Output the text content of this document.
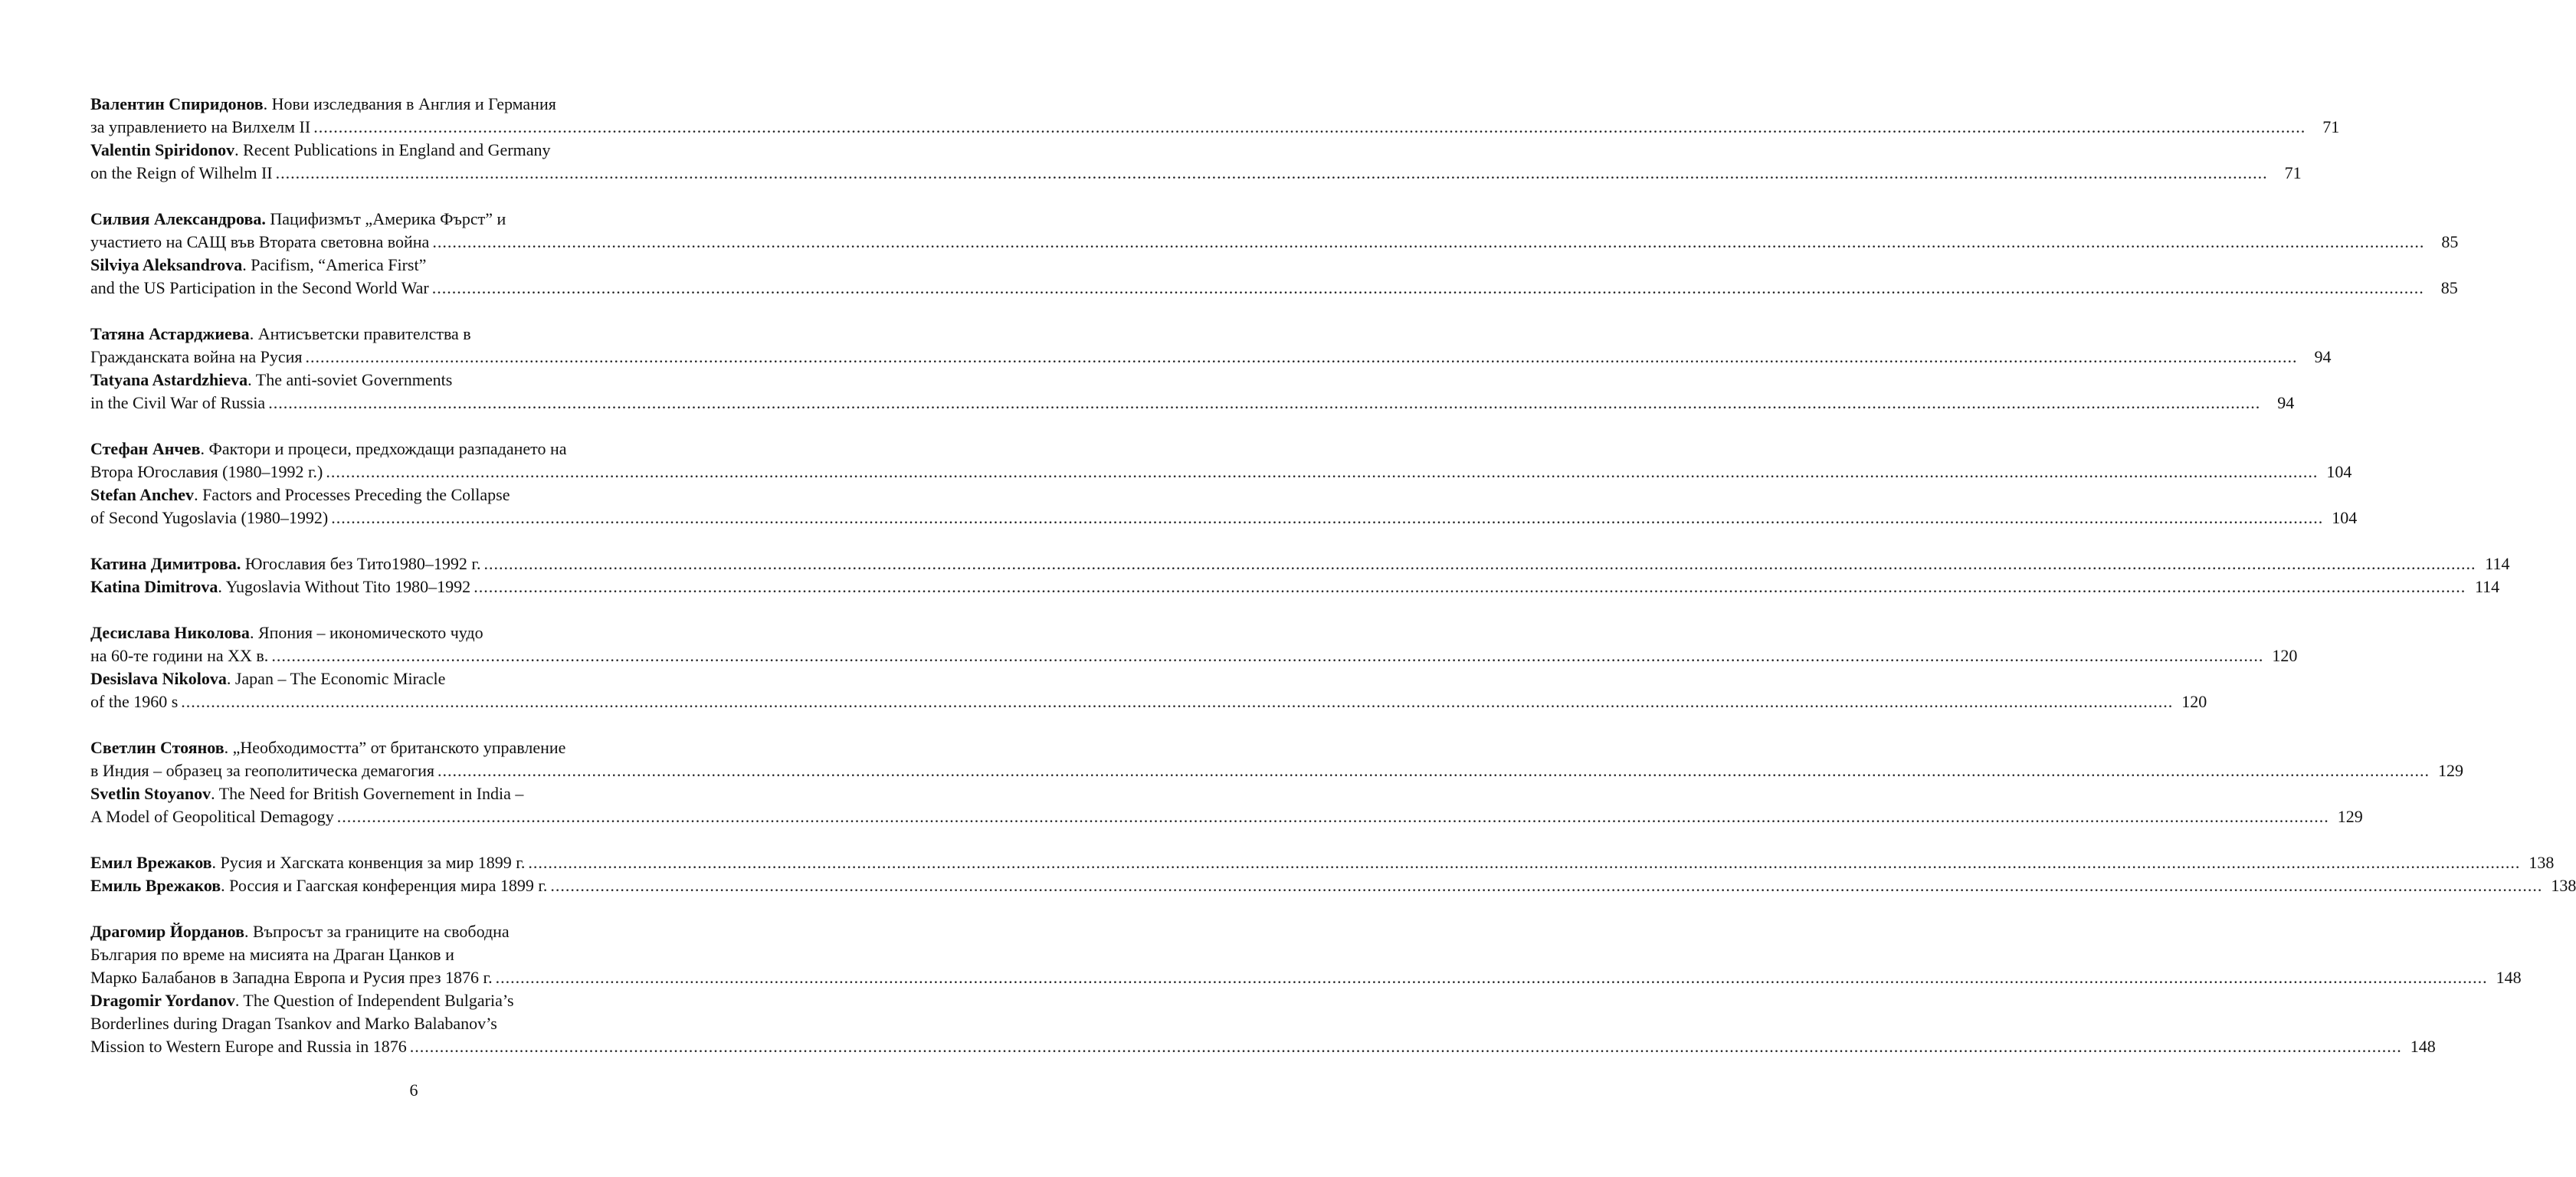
Валентин Спиридонов. Нови изследвания в Англия и Германия
за управлението на Вилхелм II ................................................................................................................................................................................................................................................................................................................................................................................................................	71
Valentin Spiridonov. Recent Publications in England and Germany
on the Reign of Wilhelm II ................................................................................................................................................................................................................................................................................................................................................................................................................	71
Силвия Александрова. Пацифизмът „Америка Фърст” и
участието на САЩ във Втората световна война ................................................................................................................................................................................................................................................................................................................................................................................................................	85
Silviya Aleksandrova. Pacifism, “America First”
and the US Participation in the Second World War ................................................................................................................................................................................................................................................................................................................................................................................................................	85
Татяна Астарджиева. Антисъветски правителства в
Гражданската война на Русия ................................................................................................................................................................................................................................................................................................................................................................................................................	94
Tatyana Astardzhieva. The anti-soviet Governments
in the Civil War of Russia ................................................................................................................................................................................................................................................................................................................................................................................................................	94
Стефан Анчев. Фактори и процеси, предхождащи разпадането на
Втора Югославия (1980–1992 г.) ................................................................................................................................................................................................................................................................................................................................................................................................................ 104
Stefan Anchev. Factors and Processes Preceding the Collapse
of Second Yugoslavia (1980–1992) ................................................................................................................................................................................................................................................................................................................................................................................................................ 104
Катина Димитрова. Югославия без Тито1980–1992 г. ................................................................................................................................................................................................................................................................................................................................................................................................................ 114
Katina Dimitrova. Yugoslavia Without Tito 1980–1992 ................................................................................................................................................................................................................................................................................................................................................................................................................ 114
Десислава Николова. Япония – икономическото чудо
на 60-те години на XX в. ................................................................................................................................................................................................................................................................................................................................................................................................................ 120
Desislava Nikolova. Japan – The Economic Miracle
of the 1960 s ................................................................................................................................................................................................................................................................................................................................................................................................................ 120
Светлин Стоянов. „Необходимостта” от британското управление
в Индия – образец за геополитическа демагогия ................................................................................................................................................................................................................................................................................................................................................................................................................ 129
Svetlin Stoyanov. The Need for British Governement in India –
A Model of Geopolitical Demagogy ................................................................................................................................................................................................................................................................................................................................................................................................................ 129
Емил Врежаков. Русия и Хагската конвенция за мир 1899 г. ................................................................................................................................................................................................................................................................................................................................................................................................................ 138
Емиль Врежаков. Россия и Гаагская конференция мира 1899 г. ................................................................................................................................................................................................................................................................................................................................................................................................................ 138
Драгомир Йорданов. Въпросът за границите на свободна
България по време на мисията на Драган Цанков и
Марко Балабанов в Западна Европа и Русия през 1876 г. ................................................................................................................................................................................................................................................................................................................................................................................................................ 148
Dragomir Yordanov. The Question of Independent Bulgaria’s
Borderlines during Dragan Tsankov and Marko Balabanov’s
Mission to Western Europe and Russia in 1876 ................................................................................................................................................................................................................................................................................................................................................................................................................ 148
6
